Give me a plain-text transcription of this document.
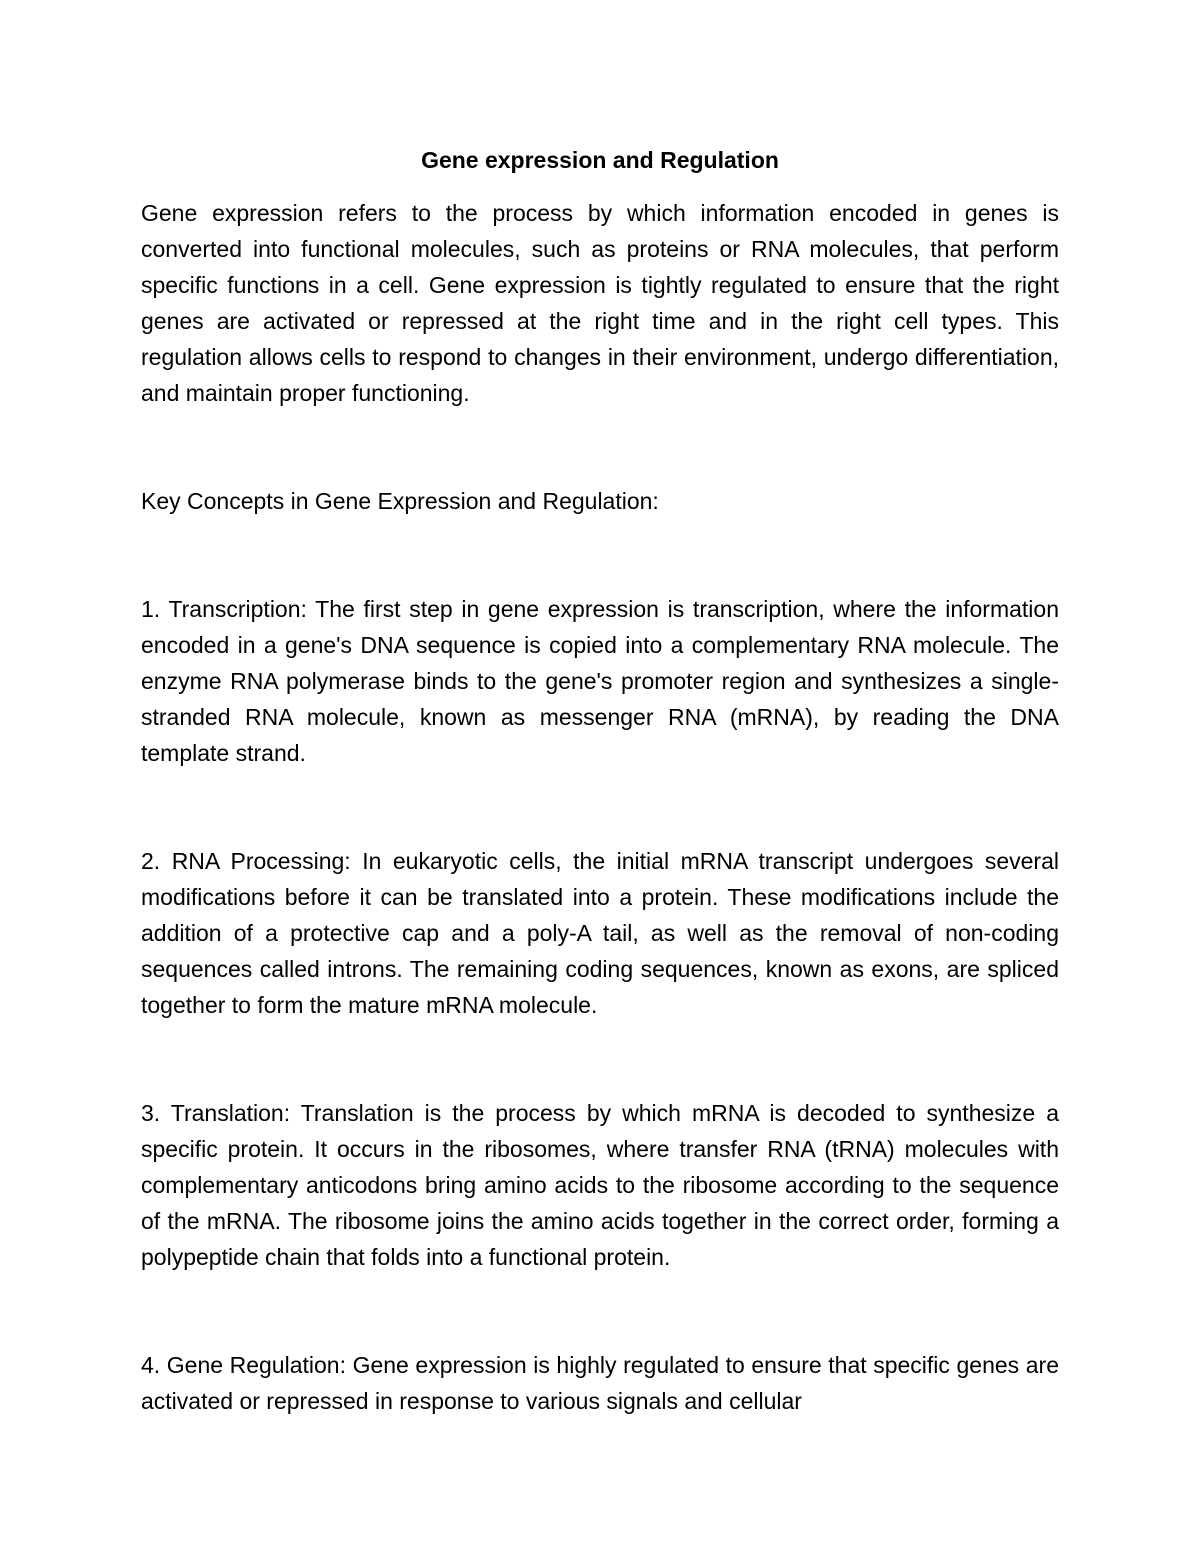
Gene expression and Regulation

Gene expression refers to the process by which information encoded in genes is converted into functional molecules, such as proteins or RNA molecules, that perform specific functions in a cell. Gene expression is tightly regulated to ensure that the right genes are activated or repressed at the right time and in the right cell types. This regulation allows cells to respond to changes in their environment, undergo differentiation, and maintain proper functioning.

Key Concepts in Gene Expression and Regulation:

1. Transcription: The first step in gene expression is transcription, where the information encoded in a gene's DNA sequence is copied into a complementary RNA molecule. The enzyme RNA polymerase binds to the gene's promoter region and synthesizes a single-stranded RNA molecule, known as messenger RNA (mRNA), by reading the DNA template strand.

2. RNA Processing: In eukaryotic cells, the initial mRNA transcript undergoes several modifications before it can be translated into a protein. These modifications include the addition of a protective cap and a poly-A tail, as well as the removal of non-coding sequences called introns. The remaining coding sequences, known as exons, are spliced together to form the mature mRNA molecule.

3. Translation: Translation is the process by which mRNA is decoded to synthesize a specific protein. It occurs in the ribosomes, where transfer RNA (tRNA) molecules with complementary anticodons bring amino acids to the ribosome according to the sequence of the mRNA. The ribosome joins the amino acids together in the correct order, forming a polypeptide chain that folds into a functional protein.

4. Gene Regulation: Gene expression is highly regulated to ensure that specific genes are activated or repressed in response to various signals and cellular
